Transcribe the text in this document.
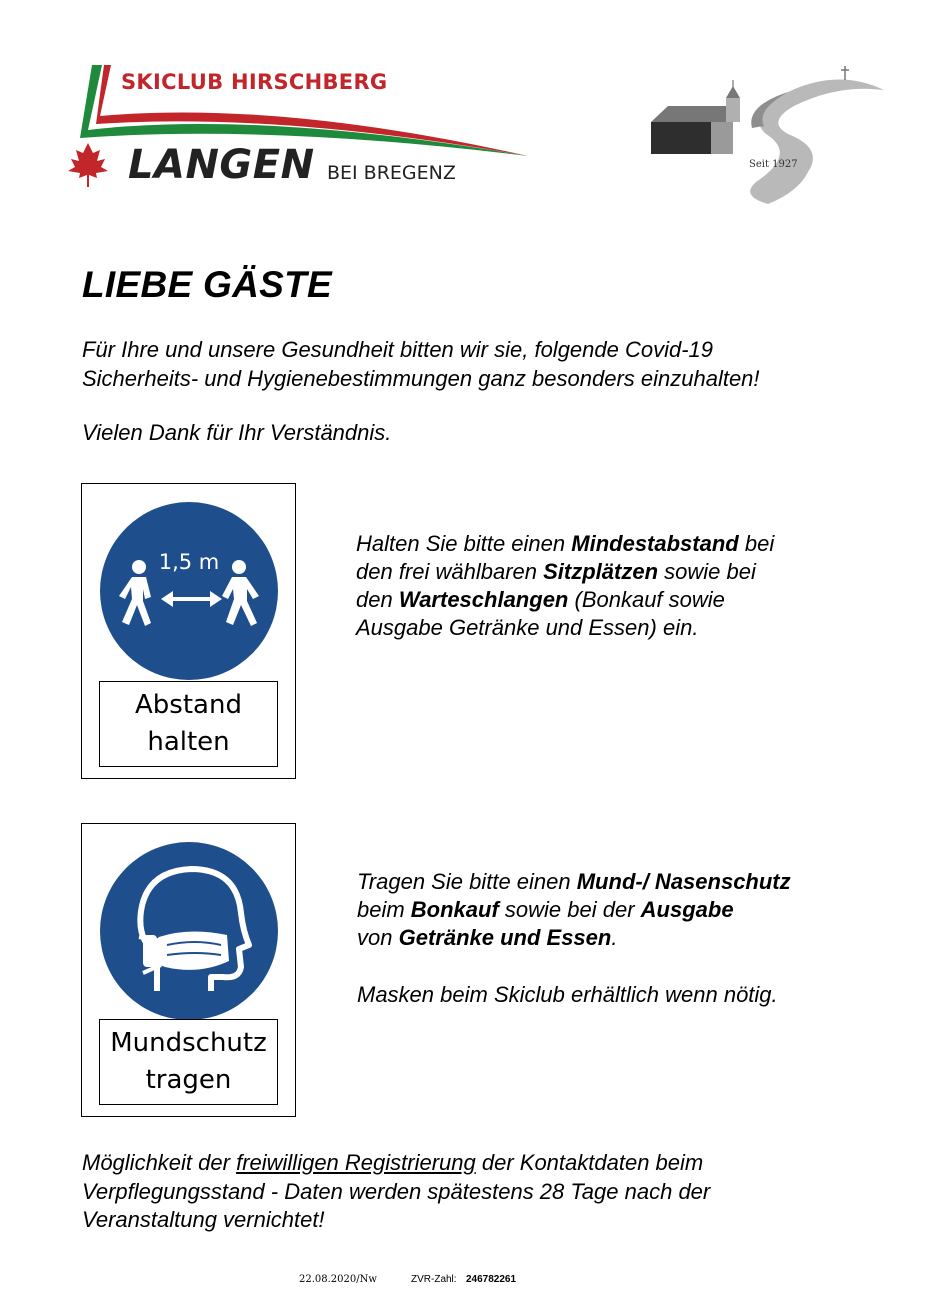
SKICLUB HIRSCHBERG
LANGEN BEI BREGENZ	Seit 1927
LIEBE GÄSTE
Für Ihre und unsere Gesundheit bitten wir sie, folgende Covid-19
Sicherheits- und Hygienebestimmungen ganz besonders einzuhalten!
Vielen Dank für Ihr Verständnis.
1,5 m
Abstand
halten
Halten Sie bitte einen Mindestabstand bei
den frei wählbaren Sitzplätzen sowie bei
den Warteschlangen (Bonkauf sowie
Ausgabe Getränke und Essen) ein.
Mundschutz
tragen
Tragen Sie bitte einen Mund-/ Nasenschutz
beim Bonkauf sowie bei der Ausgabe
von Getränke und Essen.
Masken beim Skiclub erhältlich wenn nötig.
Möglichkeit der freiwilligen Registrierung der Kontaktdaten beim
Verpflegungsstand - Daten werden spätestens 28 Tage nach der
Veranstaltung vernichtet!
22.08.2020/Nw	ZVR-Zahl: 246782261
